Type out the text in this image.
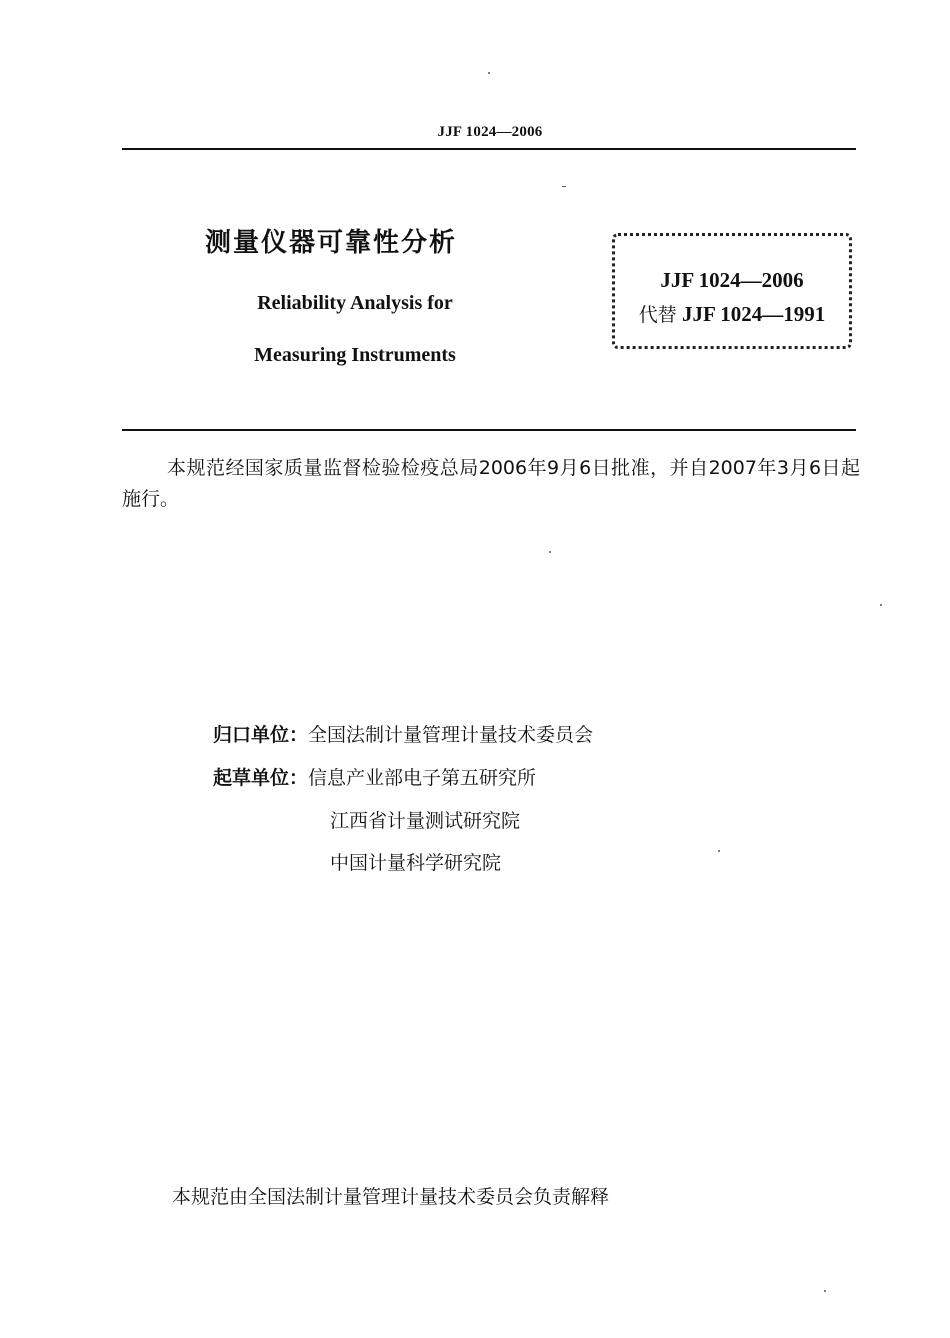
JJF 1024—2006
测量仪器可靠性分析
Reliability Analysis for
Measuring Instruments
JJF 1024—2006
代替 JJF 1024—1991
本规范经国家质量监督检验检疫总局2006年9月6日批准，并自2007年3月6日起施行。
归口单位：全国法制计量管理计量技术委员会
起草单位：信息产业部电子第五研究所
江西省计量测试研究院
中国计量科学研究院
本规范由全国法制计量管理计量技术委员会负责解释
